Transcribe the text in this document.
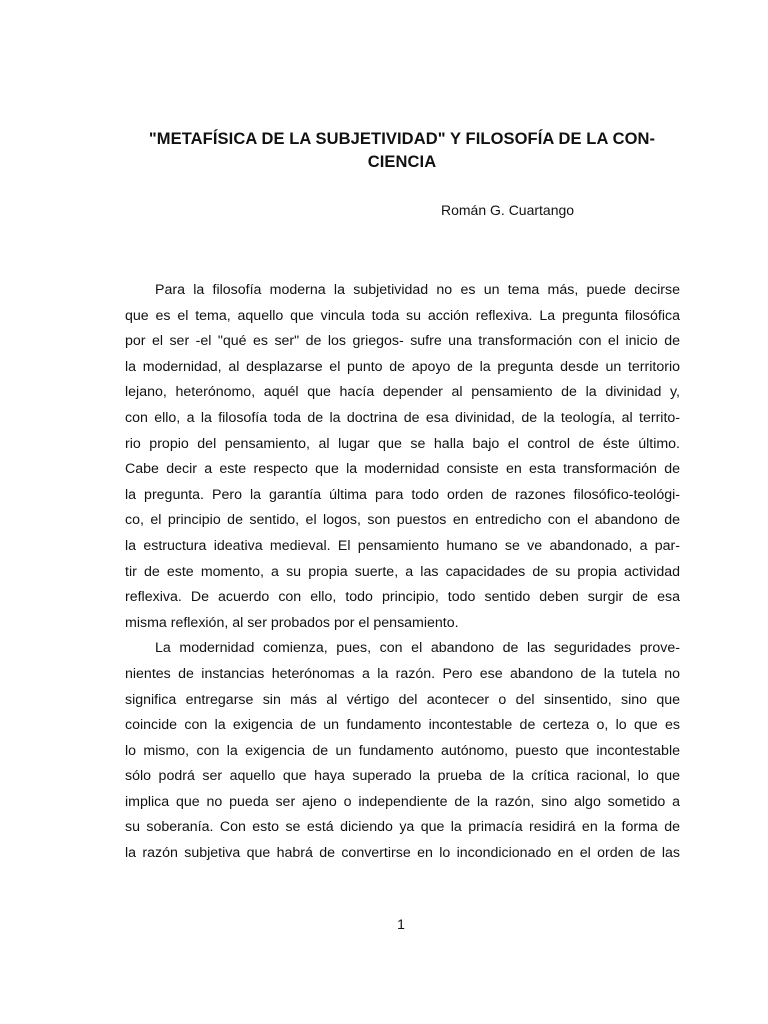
"METAFÍSICA DE LA SUBJETIVIDAD" Y FILOSOFÍA DE LA CON-
CIENCIA

Román G. Cuartango

Para la filosofía moderna la subjetividad no es un tema más, puede decirse
que es el tema, aquello que vincula toda su acción reflexiva. La pregunta filosófica
por el ser -el "qué es ser" de los griegos- sufre una transformación con el inicio de
la modernidad, al desplazarse el punto de apoyo de la pregunta desde un territorio
lejano, heterónomo, aquél que hacía depender al pensamiento de la divinidad y,
con ello, a la filosofía toda de la doctrina de esa divinidad, de la teología, al territo-
rio propio del pensamiento, al lugar que se halla bajo el control de éste último.
Cabe decir a este respecto que la modernidad consiste en esta transformación de
la pregunta. Pero la garantía última para todo orden de razones filosófico-teológi-
co, el principio de sentido, el logos, son puestos en entredicho con el abandono de
la estructura ideativa medieval. El pensamiento humano se ve abandonado, a par-
tir de este momento, a su propia suerte, a las capacidades de su propia actividad
reflexiva. De acuerdo con ello, todo principio, todo sentido deben surgir de esa
misma reflexión, al ser probados por el pensamiento.
La modernidad comienza, pues, con el abandono de las seguridades prove-
nientes de instancias heterónomas a la razón. Pero ese abandono de la tutela no
significa entregarse sin más al vértigo del acontecer o del sinsentido, sino que
coincide con la exigencia de un fundamento incontestable de certeza o, lo que es
lo mismo, con la exigencia de un fundamento autónomo, puesto que incontestable
sólo podrá ser aquello que haya superado la prueba de la crítica racional, lo que
implica que no pueda ser ajeno o independiente de la razón, sino algo sometido a
su soberanía. Con esto se está diciendo ya que la primacía residirá en la forma de
la razón subjetiva que habrá de convertirse en lo incondicionado en el orden de las

1
